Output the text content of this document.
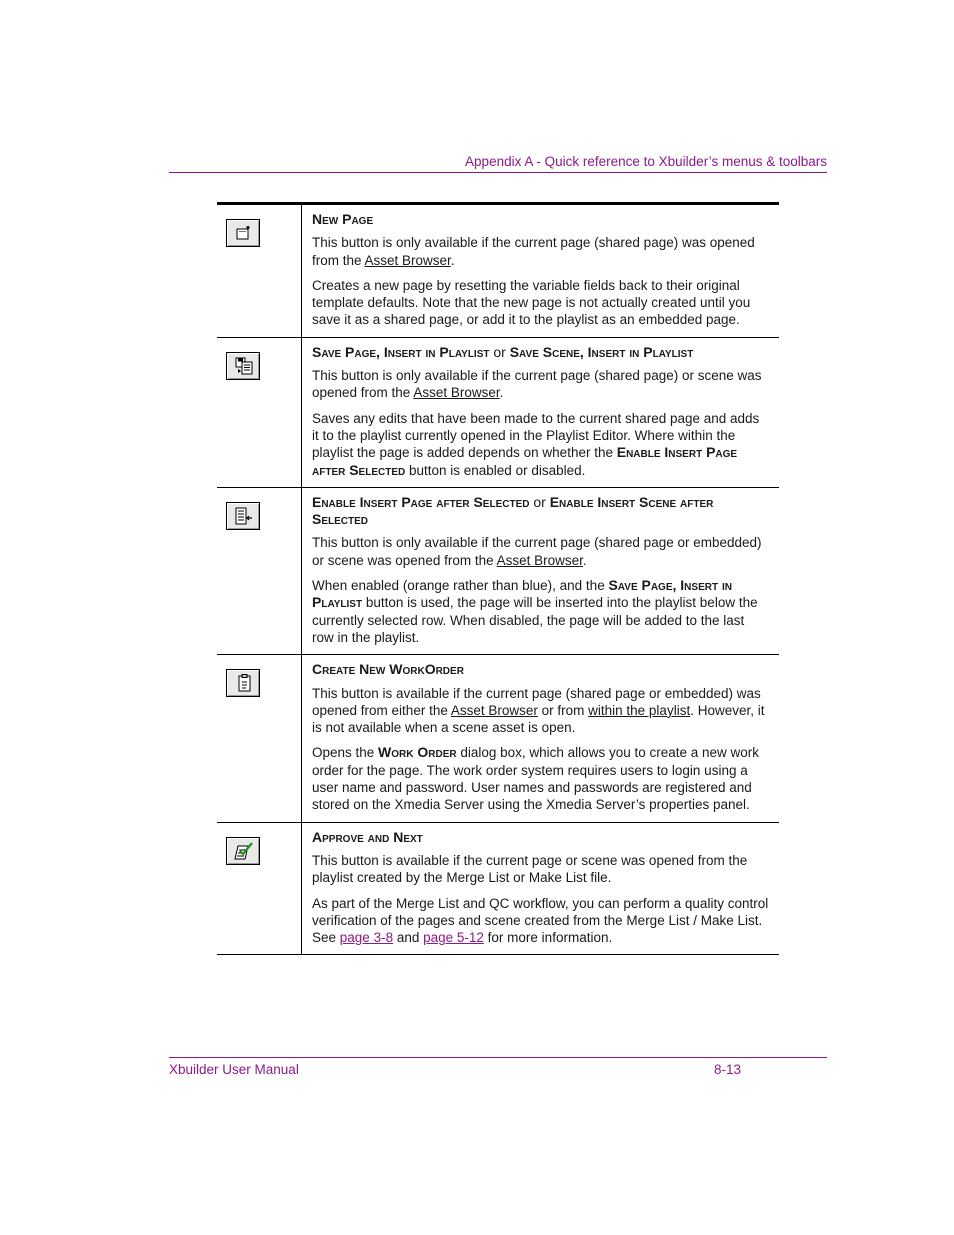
Appendix A - Quick reference to Xbuilder’s menus & toolbars

New Page

This button is only available if the current page (shared page) was opened from the Asset Browser.

Creates a new page by resetting the variable fields back to their original template defaults. Note that the new page is not actually created until you save it as a shared page, or add it to the playlist as an embedded page.

Save Page, Insert in Playlist or Save Scene, Insert in Playlist

This button is only available if the current page (shared page) or scene was opened from the Asset Browser.

Saves any edits that have been made to the current shared page and adds it to the playlist currently opened in the Playlist Editor. Where within the playlist the page is added depends on whether the Enable Insert Page after Selected button is enabled or disabled.

Enable Insert Page after Selected or Enable Insert Scene after Selected

This button is only available if the current page (shared page or embedded) or scene was opened from the Asset Browser.

When enabled (orange rather than blue), and the Save Page, Insert in Playlist button is used, the page will be inserted into the playlist below the currently selected row. When disabled, the page will be added to the last row in the playlist.

Create New WorkOrder

This button is available if the current page (shared page or embedded) was opened from either the Asset Browser or from within the playlist. However, it is not available when a scene asset is open.

Opens the Work Order dialog box, which allows you to create a new work order for the page. The work order system requires users to login using a user name and password. User names and passwords are registered and stored on the Xmedia Server using the Xmedia Server’s properties panel.

Approve and Next

This button is available if the current page or scene was opened from the playlist created by the Merge List or Make List file.

As part of the Merge List and QC workflow, you can perform a quality control verification of the pages and scene created from the Merge List / Make List. See page 3-8 and page 5-12 for more information.

Xbuilder User Manual	8-13
